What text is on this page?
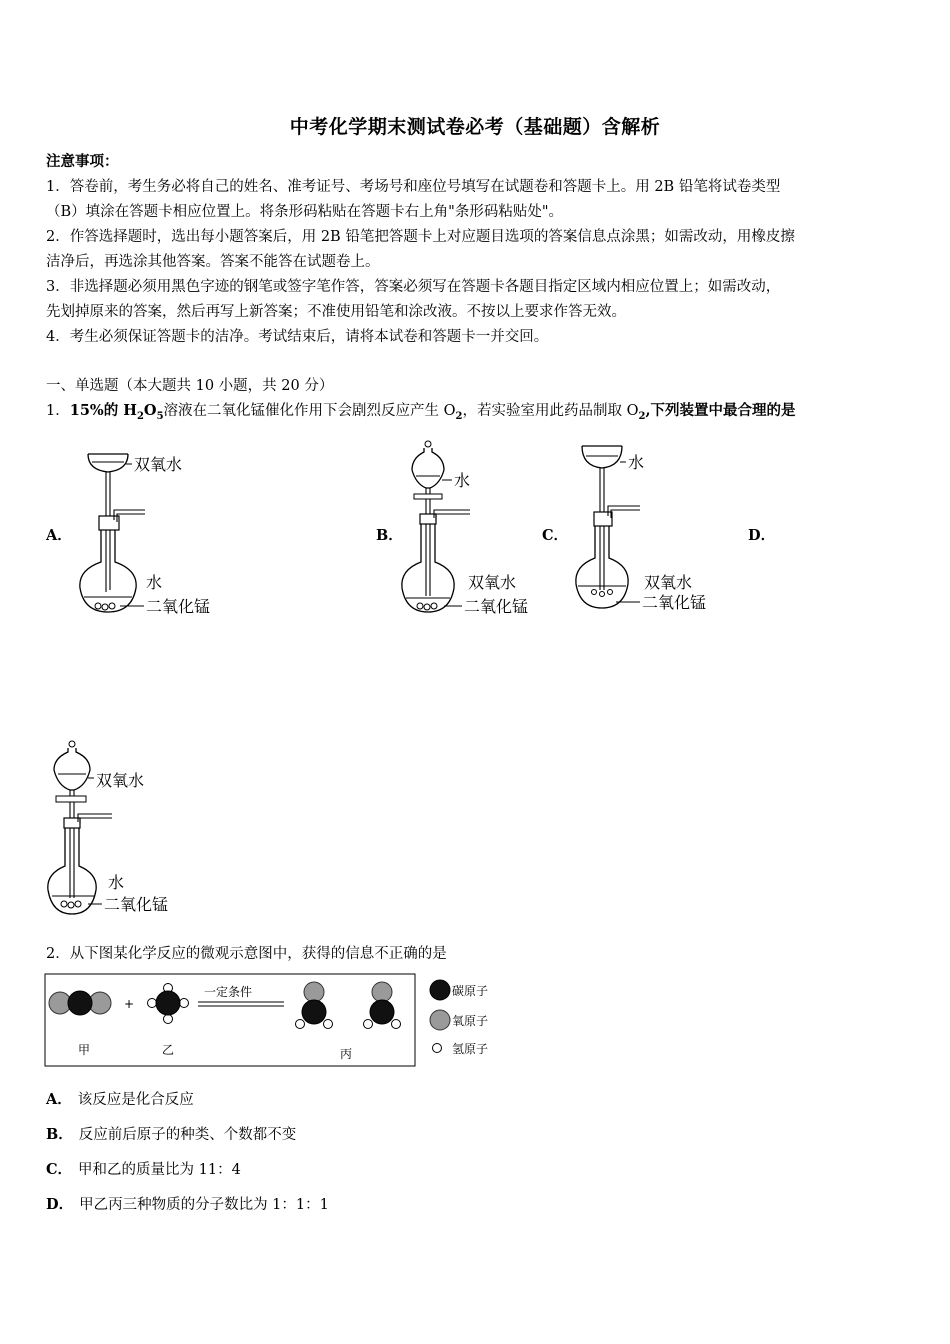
中考化学期末测试卷必考（基础题）含解析
注意事项：
1．答卷前，考生务必将自己的姓名、准考证号、考场号和座位号填写在试题卷和答题卡上。用 2B 铅笔将试卷类型
（B）填涂在答题卡相应位置上。将条形码粘贴在答题卡右上角"条形码粘贴处"。
2．作答选择题时，选出每小题答案后，用 2B 铅笔把答题卡上对应题目选项的答案信息点涂黑；如需改动，用橡皮擦
洁净后，再选涂其他答案。答案不能答在试题卷上。
3．非选择题必须用黑色字迹的钢笔或签字笔作答，答案必须写在答题卡各题目指定区域内相应位置上；如需改动，
先划掉原来的答案，然后再写上新答案；不准使用铅笔和涂改液。不按以上要求作答无效。
4．考生必须保证答题卡的洁净。考试结束后，请将本试卷和答题卡一并交回。
一、单选题（本大题共 10 小题，共 20 分）
1．15%的 $H_2O_5$溶液在二氧化锰催化作用下会剧烈反应产生 $O_2$，若实验室用此药品制取 $O_2$,下列装置中最合理的是
A．	B．	C．	D．
双氧水
水
二氧化锰
水
双氧水
二氧化锰
水
双氧水
二氧化锰
双氧水
水
二氧化锰
2．从下图某化学反应的微观示意图中，获得的信息不正确的是
+
一定条件
甲	乙	丙
碳原子
氧原子
氢原子
A． 该反应是化合反应
B． 反应前后原子的种类、个数都不变
C． 甲和乙的质量比为 11：4
D． 甲乙丙三种物质的分子数比为 1：1：1
